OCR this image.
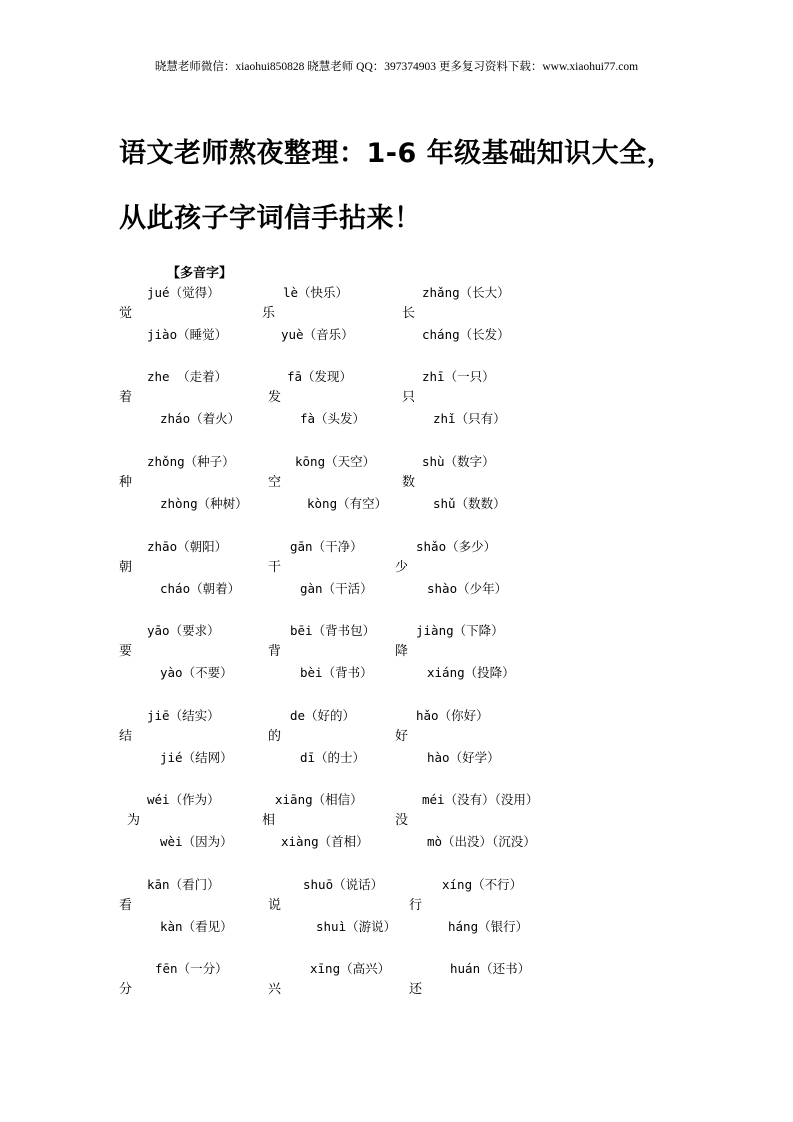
晓慧老师微信：xiaohui850828 晓慧老师 QQ：397374903 更多复习资料下载：www.xiaohui77.com
语文老师熬夜整理：1-6 年级基础知识大全，
从此孩子字词信手拈来！
【多音字】
jué（觉得）
觉
jiào（睡觉）
lè（快乐）
乐
yuè（音乐）
zhǎng（长大）
长
cháng（长发）
zhe （走着）
着
zháo（着火）
fā（发现）
发
fà（头发）
zhī（一只）
只
zhǐ（只有）
zhǒng（种子）
种
zhòng（种树）
kōng（天空）
空
kòng（有空）
shù（数字）
数
shǔ（数数）
zhāo（朝阳）
朝
cháo（朝着）
gān（干净）
干
gàn（干活）
shǎo（多少）
少
shào（少年）
yāo（要求）
要
yào（不要）
bēi（背书包）
背
bèi（背书）
jiàng（下降）
降
xiáng（投降）
jiē（结实）
结
jié（结网）
de（好的）
的
dī（的士）
hǎo（你好）
好
hào（好学）
wéi（作为）
为
wèi（因为）
xiāng（相信）
相
xiàng（首相）
méi（没有）（没用）
没
mò（出没）（沉没）
kān（看门）
看
kàn（看见）
shuō（说话）
说
shuì（游说）
xíng（不行）
行
háng（银行）
fēn（一分）
分
xīng（高兴）
兴
huán（还书）
还
